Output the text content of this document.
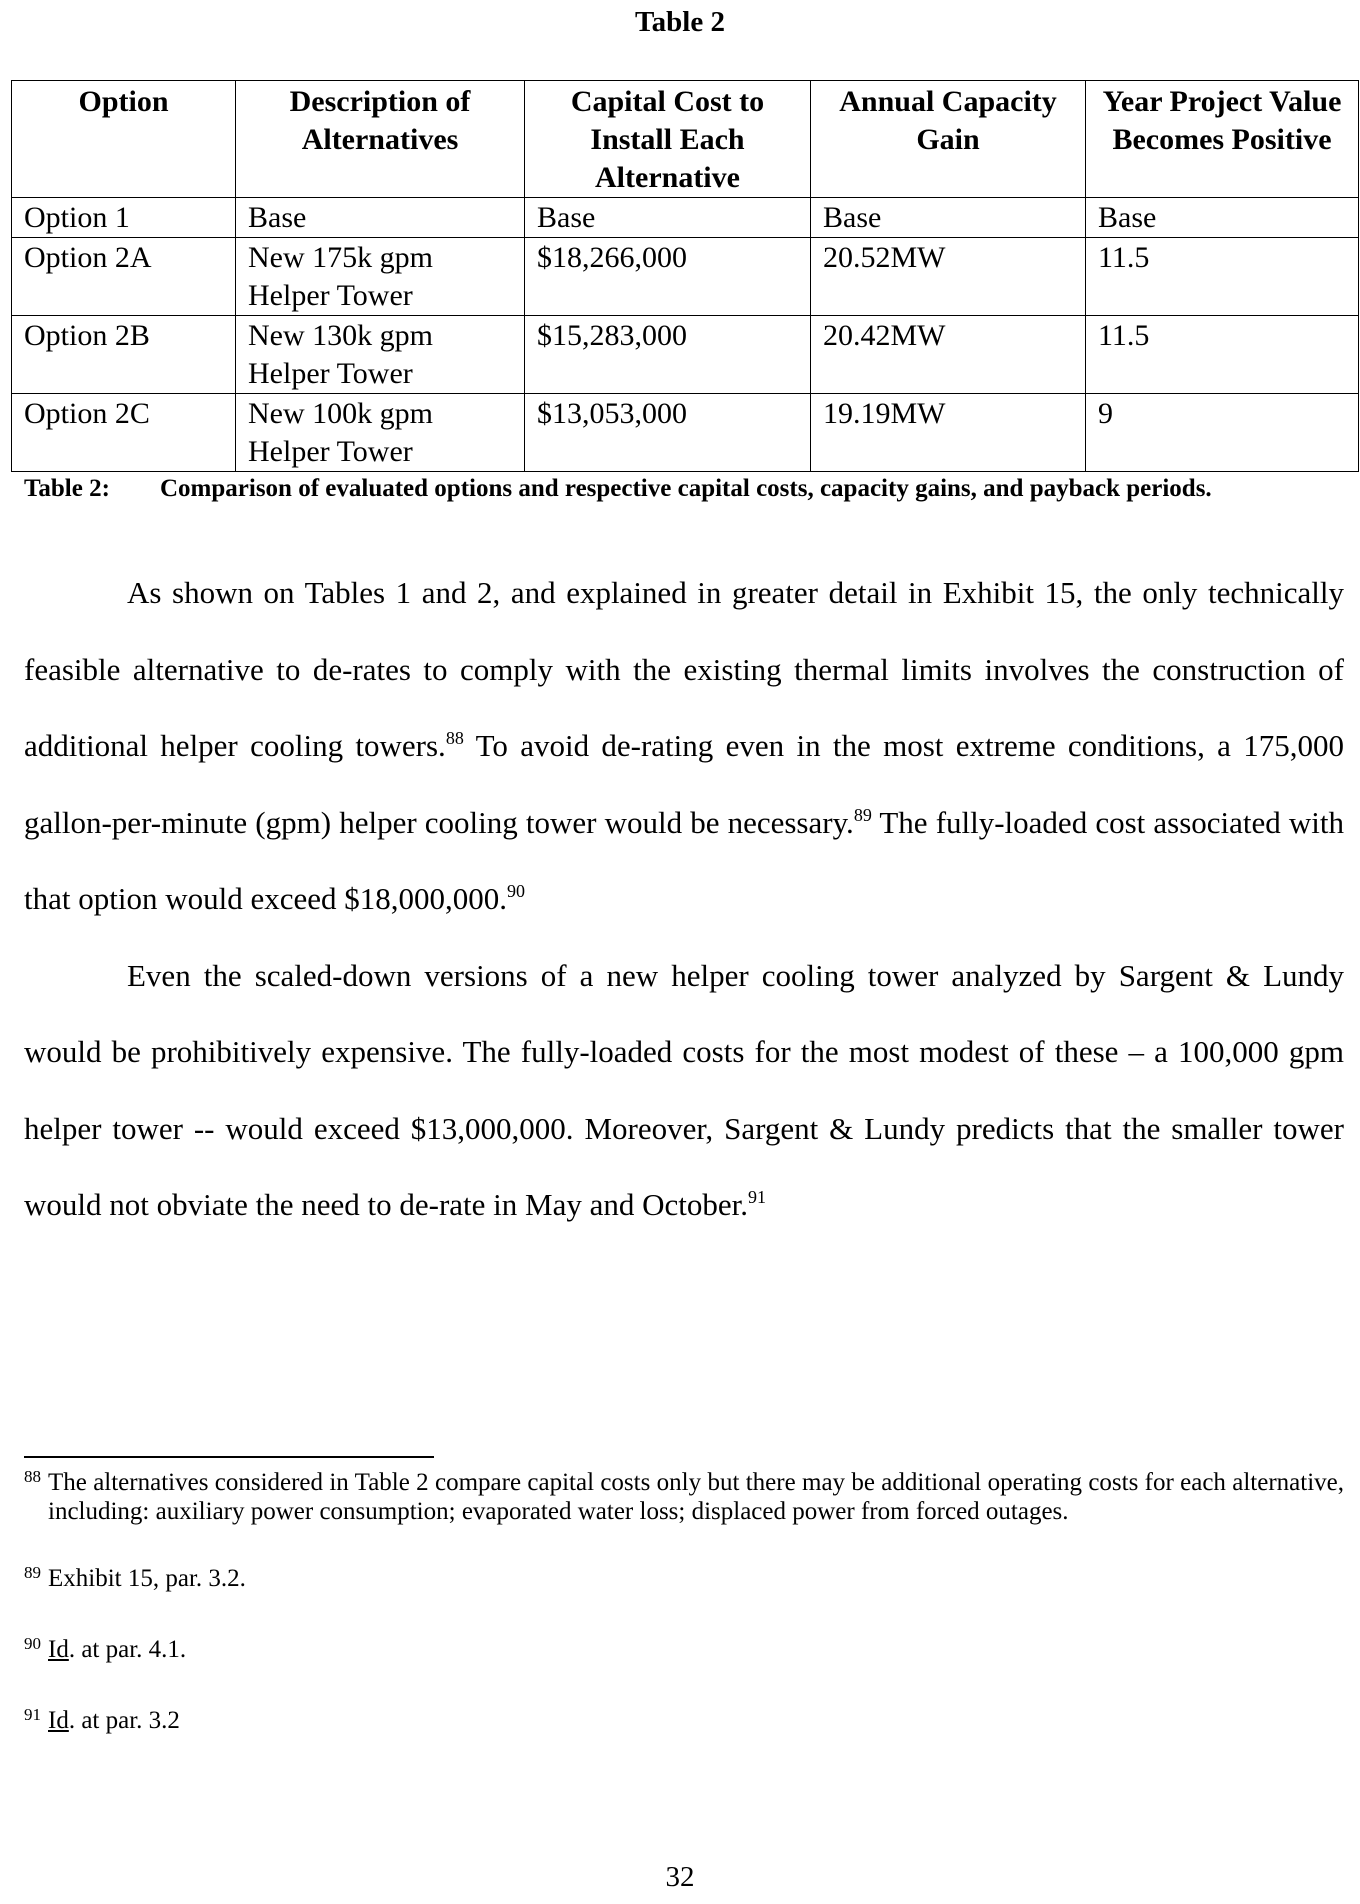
Table 2
Option	Description of Alternatives	Capital Cost to Install Each Alternative	Annual Capacity Gain	Year Project Value Becomes Positive
Option 1	Base	Base	Base	Base
Option 2A	New 175k gpm Helper Tower	$18,266,000	20.52MW	11.5
Option 2B	New 130k gpm Helper Tower	$15,283,000	20.42MW	11.5
Option 2C	New 100k gpm Helper Tower	$13,053,000	19.19MW	9
Table 2: Comparison of evaluated options and respective capital costs, capacity gains, and payback periods.

As shown on Tables 1 and 2, and explained in greater detail in Exhibit 15, the only technically feasible alternative to de-rates to comply with the existing thermal limits involves the construction of additional helper cooling towers.$^{88}$ To avoid de-rating even in the most extreme conditions, a 175,000 gallon-per-minute (gpm) helper cooling tower would be necessary.$^{89}$ The fully-loaded cost associated with that option would exceed $18,000,000.90

Even the scaled-down versions of a new helper cooling tower analyzed by Sargent & Lundy would be prohibitively expensive. The fully-loaded costs for the most modest of these – a 100,000 gpm helper tower -- would exceed $13,000,000. Moreover, Sargent & Lundy predicts that the smaller tower would not obviate the need to de-rate in May and October.$^{91}$

88 The alternatives considered in Table 2 compare capital costs only but there may be additional operating costs for each alternative, including: auxiliary power consumption; evaporated water loss; displaced power from forced outages.
89 Exhibit 15, par. 3.2.
90 Id. at par. 4.1.
91 Id. at par. 3.2
32
